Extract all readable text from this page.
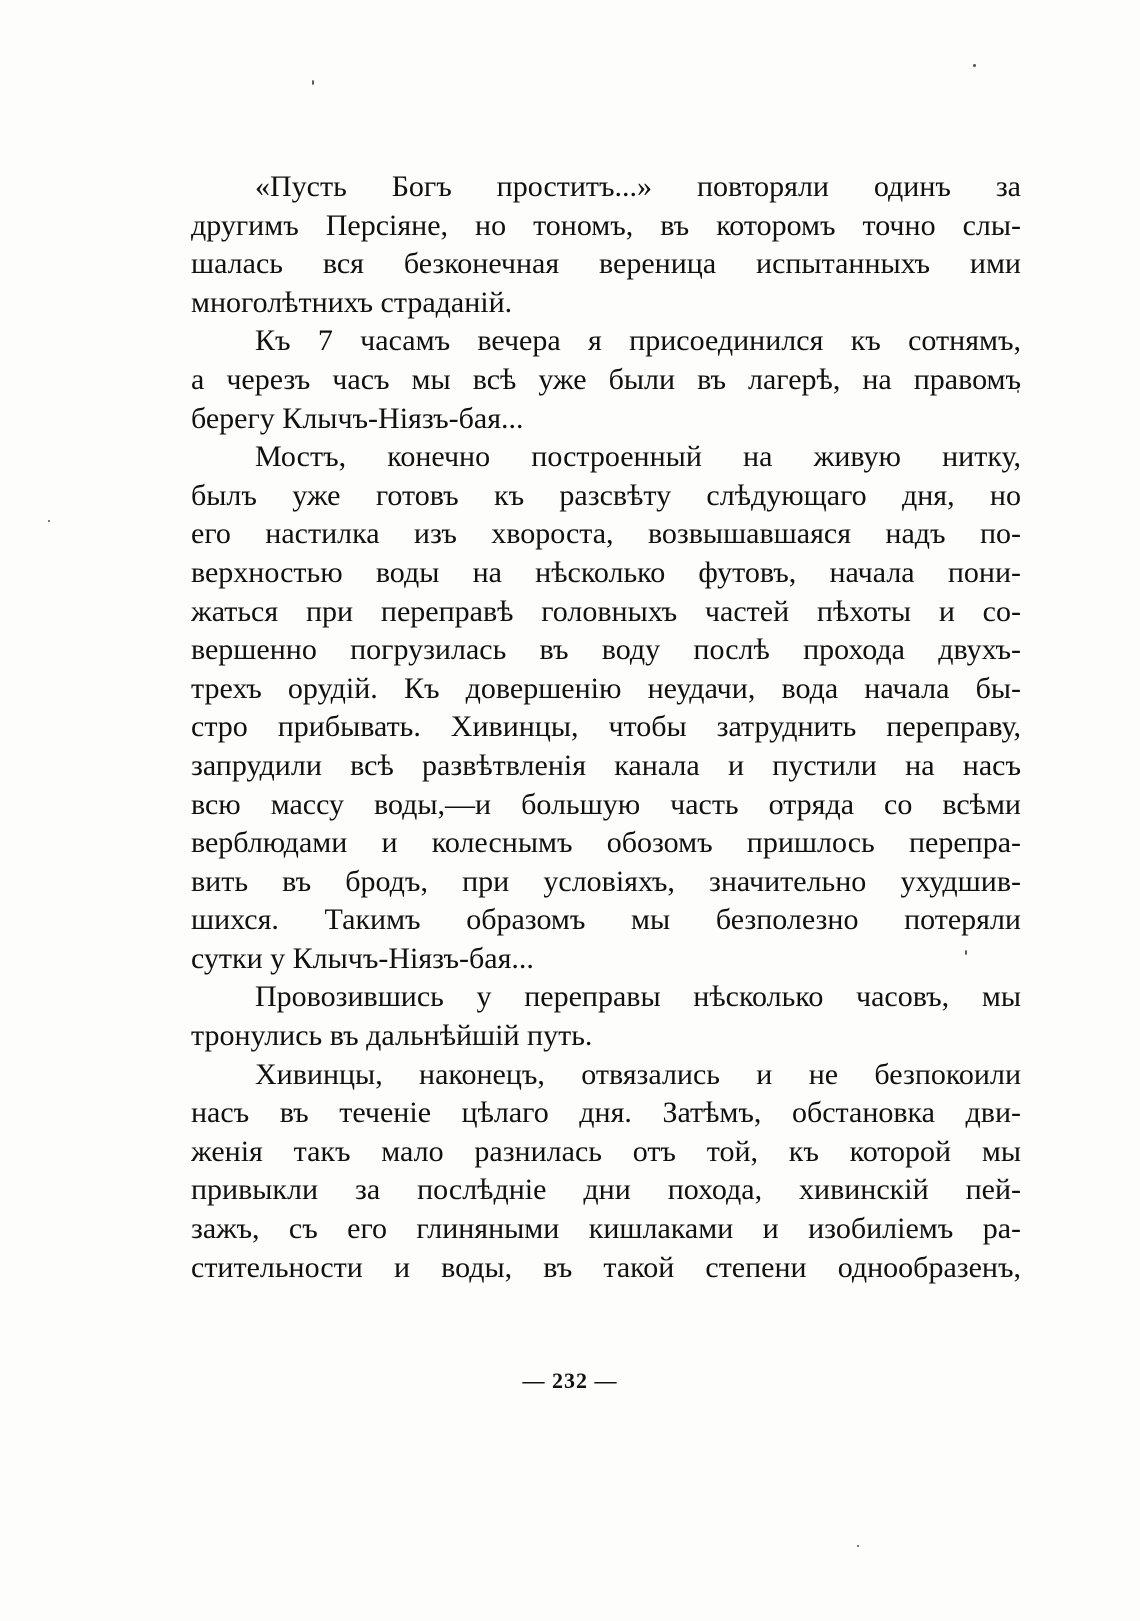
«Пусть Богъ проститъ...» повторяли одинъ за
другимъ Персіяне, но тономъ, въ которомъ точно слы-
шалась вся безконечная вереница испытанныхъ ими
многолѣтнихъ страданій.
Къ 7 часамъ вечера я присоединился къ сотнямъ,
а черезъ часъ мы всѣ уже были въ лагерѣ, на правомъ
берегу Клычъ-Ніязъ-бая...
Мостъ, конечно построенный на живую нитку,
былъ уже готовъ къ разсвѣту слѣдующаго дня, но
его настилка изъ хвороста, возвышавшаяся надъ по-
верхностью воды на нѣсколько футовъ, начала пони-
жаться при переправѣ головныхъ частей пѣхоты и со-
вершенно погрузилась въ воду послѣ прохода двухъ-
трехъ орудій. Къ довершенію неудачи, вода начала бы-
стро прибывать. Хивинцы, чтобы затруднить переправу,
запрудили всѣ развѣтвленія канала и пустили на насъ
всю массу воды,—и большую часть отряда со всѣми
верблюдами и колеснымъ обозомъ пришлось перепра-
вить въ бродъ, при условіяхъ, значительно ухудшив-
шихся. Такимъ образомъ мы безполезно потеряли
сутки у Клычъ-Ніязъ-бая...
Провозившись у переправы нѣсколько часовъ, мы
тронулись въ дальнѣйшій путь.
Хивинцы, наконецъ, отвязались и не безпокоили
насъ въ теченіе цѣлаго дня. Затѣмъ, обстановка дви-
женія такъ мало разнилась отъ той, къ которой мы
привыкли за послѣдніе дни похода, хивинскій пей-
зажъ, съ его глиняными кишлаками и изобиліемъ ра-
стительности и воды, въ такой степени однообразенъ,
— 232 —
